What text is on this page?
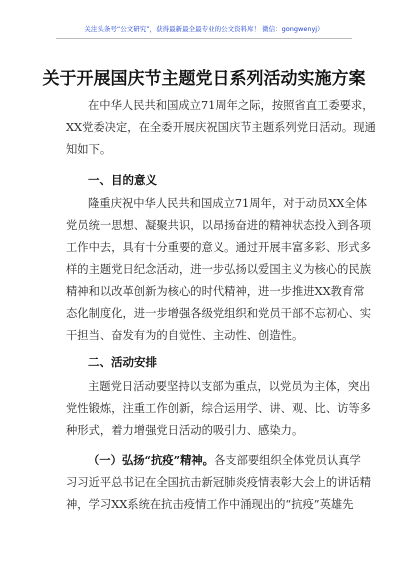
关注头条号“公文研究”，获得最新最全最专业的公文资料库！ 微信：gongwenyj）
关于开展国庆节主题党日系列活动实施方案
在中华人民共和国成立71周年之际，按照省直工委要求，
XX党委决定，在全委开展庆祝国庆节主题系列党日活动。现通
知如下。
一、目的意义
隆重庆祝中华人民共和国成立71周年，对于动员XX全体
党员统一思想、凝聚共识，以昂扬奋进的精神状态投入到各项
工作中去，具有十分重要的意义。通过开展丰富多彩、形式多
样的主题党日纪念活动，进一步弘扬以爱国主义为核心的民族
精神和以改革创新为核心的时代精神，进一步推进XX教育常
态化制度化，进一步增强各级党组织和党员干部不忘初心、实
干担当、奋发有为的自觉性、主动性、创造性。
二、活动安排
主题党日活动要坚持以支部为重点，以党员为主体，突出
党性锻炼，注重工作创新，综合运用学、讲、观、比、访等多
种形式，着力增强党日活动的吸引力、感染力。
（一）弘扬“抗疫”精神。各支部要组织全体党员认真学
习习近平总书记在全国抗击新冠肺炎疫情表彰大会上的讲话精
神，学习XX系统在抗击疫情工作中涌现出的“抗疫”英雄先
